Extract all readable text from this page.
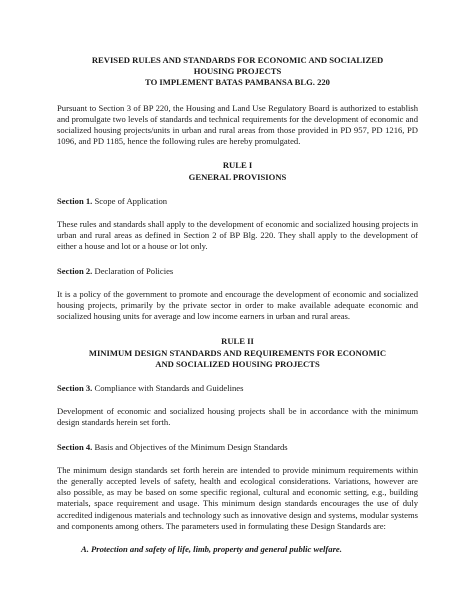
REVISED RULES AND STANDARDS FOR ECONOMIC AND SOCIALIZED
HOUSING PROJECTS
TO IMPLEMENT BATAS PAMBANSA BLG. 220

Pursuant to Section 3 of BP 220, the Housing and Land Use Regulatory Board is authorized to establish and promulgate two levels of standards and technical requirements for the development of economic and socialized housing projects/units in urban and rural areas from those provided in PD 957, PD 1216, PD 1096, and PD 1185, hence the following rules are hereby promulgated.

RULE I
GENERAL PROVISIONS

Section 1. Scope of Application

These rules and standards shall apply to the development of economic and socialized housing projects in urban and rural areas as defined in Section 2 of BP Blg. 220. They shall apply to the development of either a house and lot or a house or lot only.

Section 2. Declaration of Policies

It is a policy of the government to promote and encourage the development of economic and socialized housing projects, primarily by the private sector in order to make available adequate economic and socialized housing units for average and low income earners in urban and rural areas.

RULE II
MINIMUM DESIGN STANDARDS AND REQUIREMENTS FOR ECONOMIC
AND SOCIALIZED HOUSING PROJECTS

Section 3. Compliance with Standards and Guidelines

Development of economic and socialized housing projects shall be in accordance with the minimum design standards herein set forth.

Section 4. Basis and Objectives of the Minimum Design Standards

The minimum design standards set forth herein are intended to provide minimum requirements within the generally accepted levels of safety, health and ecological considerations. Variations, however are also possible, as may be based on some specific regional, cultural and economic setting, e.g., building materials, space requirement and usage. This minimum design standards encourages the use of duly accredited indigenous materials and technology such as innovative design and systems, modular systems and components among others. The parameters used in formulating these Design Standards are:

A. Protection and safety of life, limb, property and general public welfare.
